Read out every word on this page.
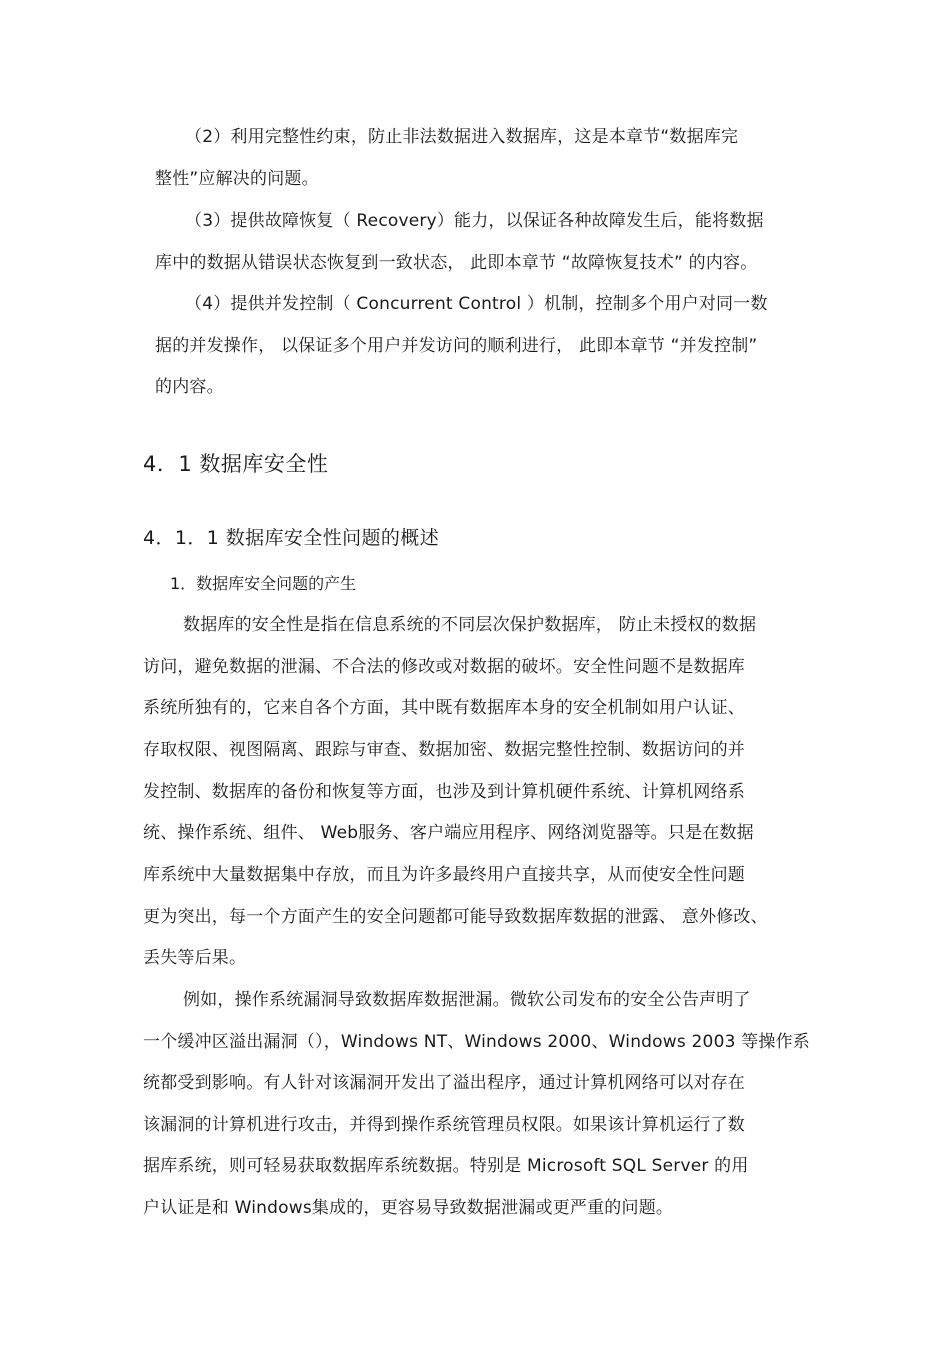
（2）利用完整性约束，防止非法数据进入数据库，这是本章节“数据库完
整性”应解决的问题。
（3）提供故障恢复（ Recovery）能力，以保证各种故障发生后，能将数据
库中的数据从错误状态恢复到一致状态， 此即本章节 “故障恢复技术” 的内容。
（4）提供并发控制（ Concurrent Control ）机制，控制多个用户对同一数
据的并发操作， 以保证多个用户并发访问的顺利进行， 此即本章节 “并发控制”
的内容。
4．1 数据库安全性
4．1．1 数据库安全性问题的概述
1．数据库安全问题的产生
数据库的安全性是指在信息系统的不同层次保护数据库， 防止未授权的数据
访问，避免数据的泄漏、不合法的修改或对数据的破坏。安全性问题不是数据库
系统所独有的，它来自各个方面，其中既有数据库本身的安全机制如用户认证、
存取权限、视图隔离、跟踪与审查、数据加密、数据完整性控制、数据访问的并
发控制、数据库的备份和恢复等方面，也涉及到计算机硬件系统、计算机网络系
统、操作系统、组件、 Web服务、客户端应用程序、网络浏览器等。只是在数据
库系统中大量数据集中存放，而且为许多最终用户直接共享，从而使安全性问题
更为突出，每一个方面产生的安全问题都可能导致数据库数据的泄露、 意外修改、
丢失等后果。
例如，操作系统漏洞导致数据库数据泄漏。微软公司发布的安全公告声明了
一个缓冲区溢出漏洞（），Windows NT、Windows 2000、Windows 2003 等操作系
统都受到影响。有人针对该漏洞开发出了溢出程序，通过计算机网络可以对存在
该漏洞的计算机进行攻击，并得到操作系统管理员权限。如果该计算机运行了数
据库系统，则可轻易获取数据库系统数据。特别是 Microsoft SQL Server 的用
户认证是和 Windows集成的，更容易导致数据泄漏或更严重的问题。
